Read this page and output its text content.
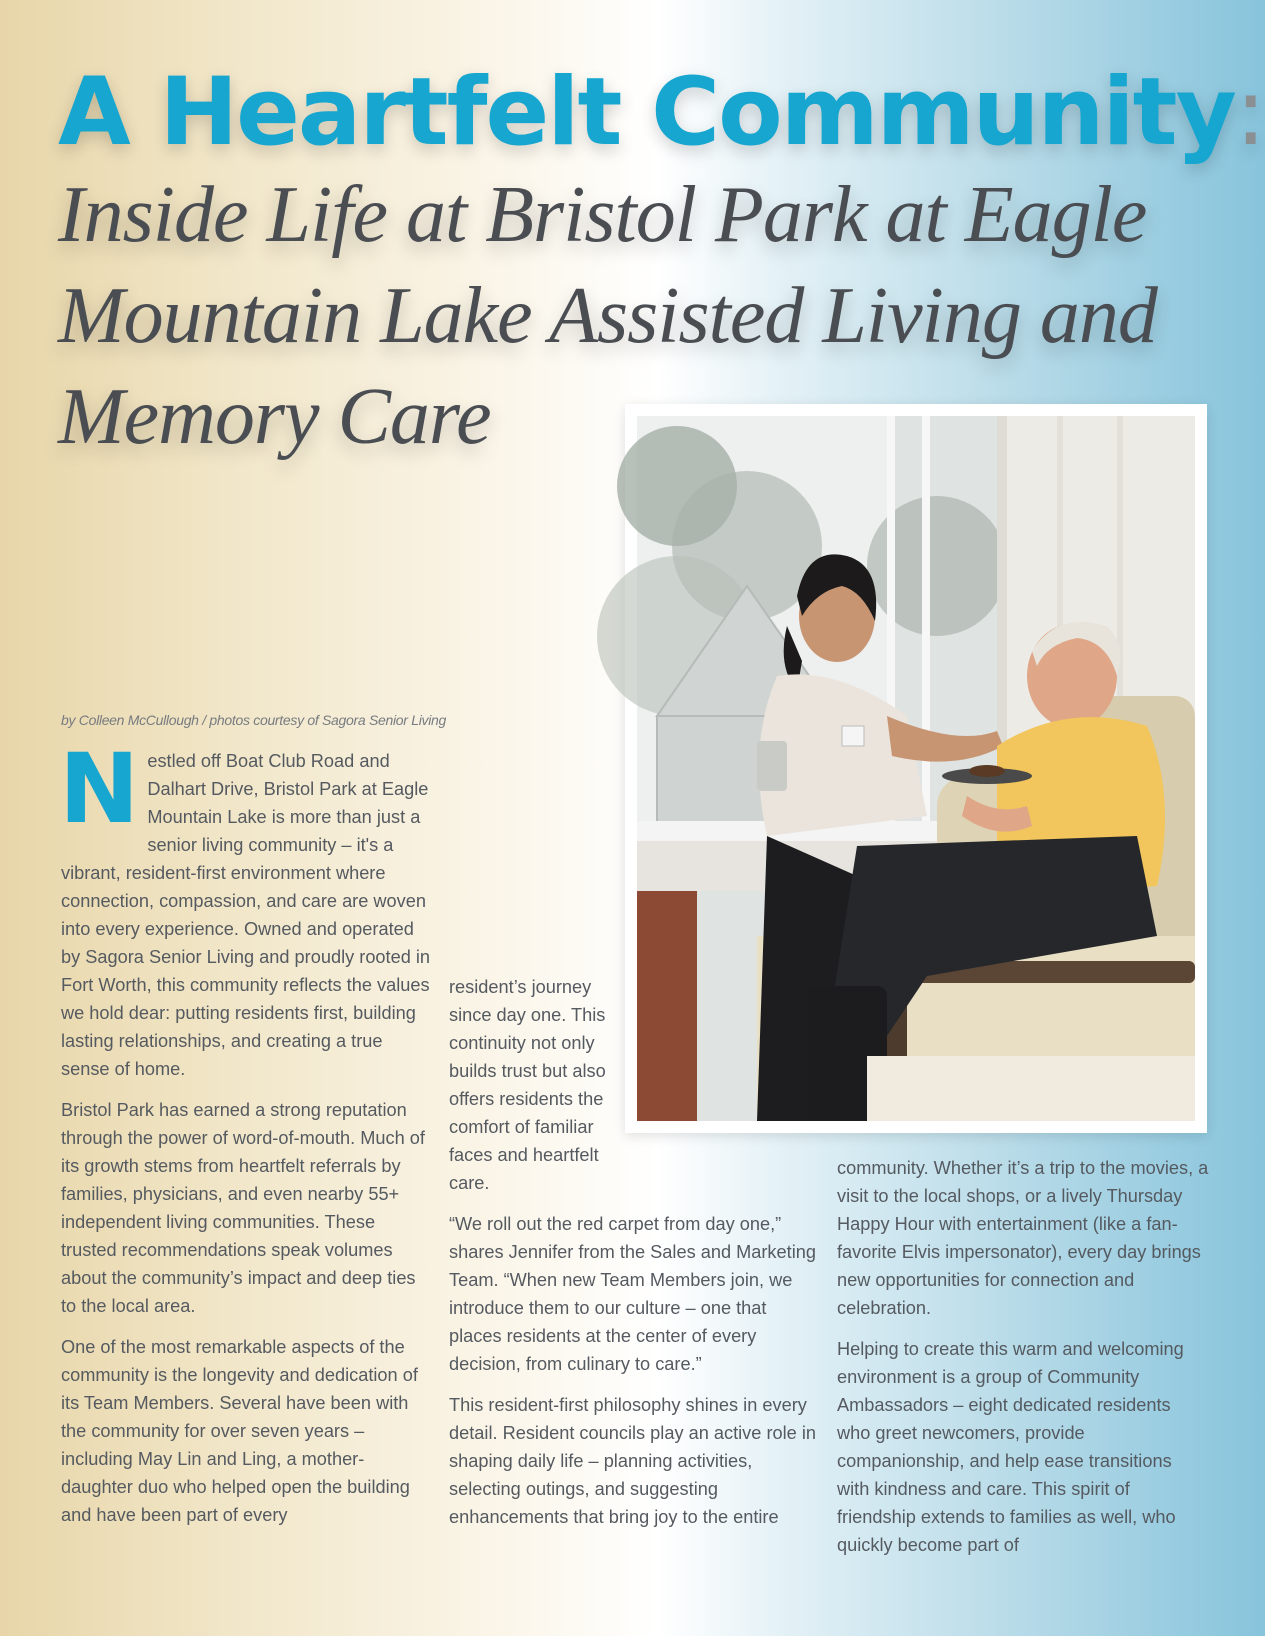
A Heartfelt Community:
Inside Life at Bristol Park at Eagle Mountain Lake Assisted Living and Memory Care

by Colleen McCullough / photos courtesy of Sagora Senior Living

Nestled off Boat Club Road and Dalhart Drive, Bristol Park at Eagle Mountain Lake is more than just a senior living community – it's a vibrant, resident-first environment where connection, compassion, and care are woven into every experience. Owned and operated by Sagora Senior Living and proudly rooted in Fort Worth, this community reflects the values we hold dear: putting residents first, building lasting relationships, and creating a true sense of home.

Bristol Park has earned a strong reputation through the power of word-of-mouth. Much of its growth stems from heartfelt referrals by families, physicians, and even nearby 55+ independent living communities. These trusted recommendations speak volumes about the community’s impact and deep ties to the local area.

One of the most remarkable aspects of the community is the longevity and dedication of its Team Members. Several have been with the community for over seven years –including May Lin and Ling, a mother-daughter duo who helped open the building and have been part of every

resident’s journey since day one. This continuity not only builds trust but also offers residents the comfort of familiar faces and heartfelt care.

“We roll out the red carpet from day one,” shares Jennifer from the Sales and Marketing Team. “When new Team Members join, we introduce them to our culture – one that places residents at the center of every decision, from culinary to care.”

This resident-first philosophy shines in every detail. Resident councils play an active role in shaping daily life – planning activities, selecting outings, and suggesting enhancements that bring joy to the entire

community. Whether it’s a trip to the movies, a visit to the local shops, or a lively Thursday Happy Hour with entertainment (like a fan-favorite Elvis impersonator), every day brings new opportunities for connection and celebration.

Helping to create this warm and welcoming environment is a group of Community Ambassadors – eight dedicated residents who greet newcomers, provide companionship, and help ease transitions with kindness and care. This spirit of friendship extends to families as well, who quickly become part of
